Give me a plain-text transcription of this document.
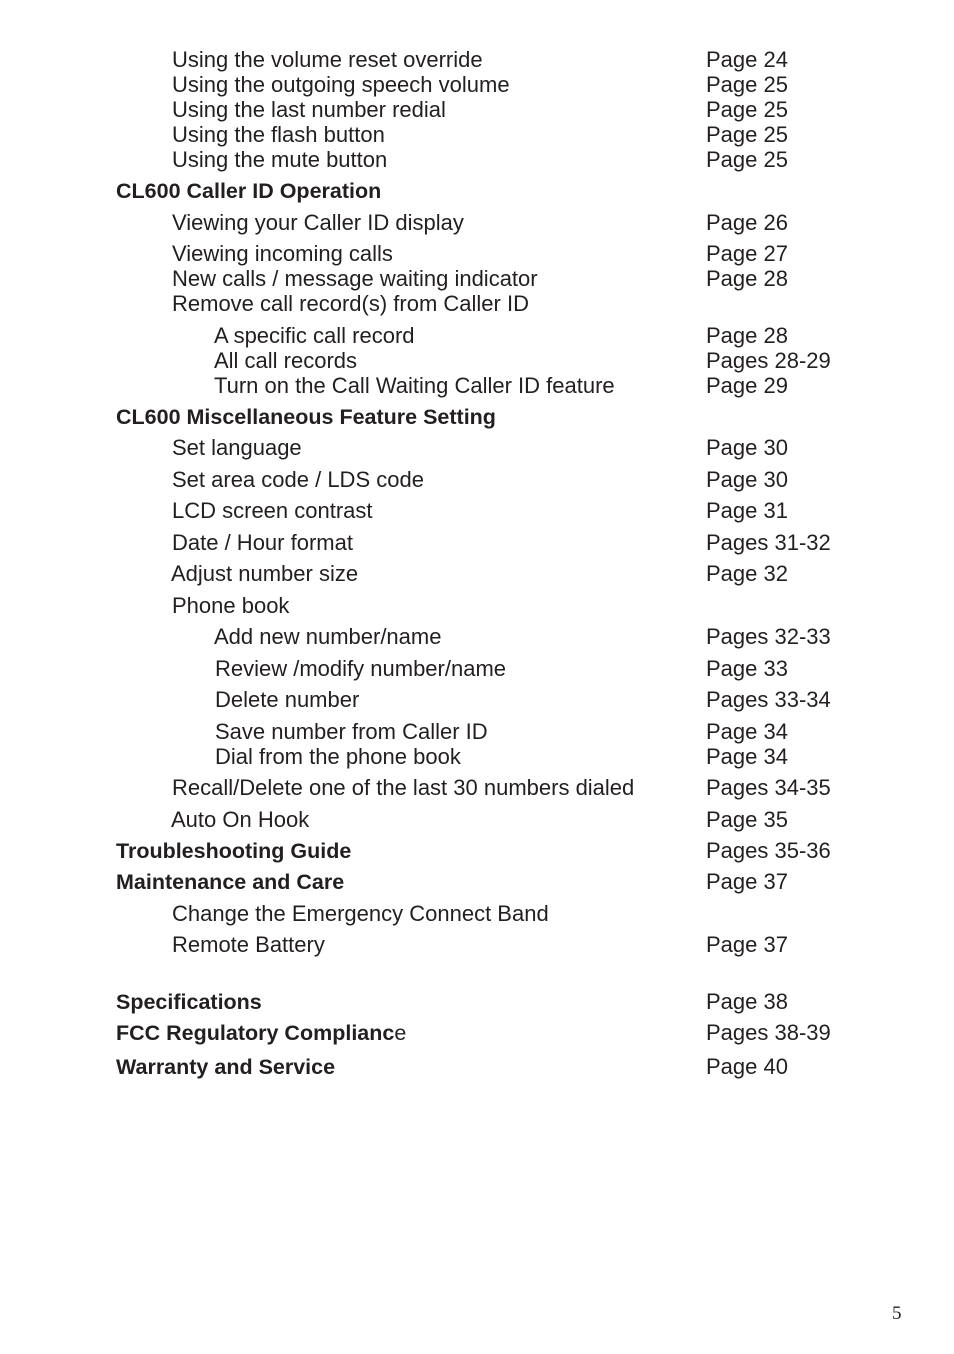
Using the volume reset override	Page 24
Using the outgoing speech volume	Page 25
Using the last number redial	Page 25
Using the flash button	Page 25
Using the mute button	Page 25
CL600 Caller ID Operation
Viewing your Caller ID display	Page 26
Viewing incoming calls	Page 27
New calls / message waiting indicator	Page 28
Remove call record(s) from Caller ID
A specific call record	Page 28
All call records	Pages 28-29
Turn on the Call Waiting Caller ID feature	Page 29
CL600 Miscellaneous Feature Setting
Set language	Page 30
Set area code / LDS code	Page 30
LCD screen contrast	Page 31
Date / Hour format	Pages 31-32
Adjust number size	Page 32
Phone book
Add new number/name	Pages 32-33
Review /modify number/name	Page 33
Delete number	Pages 33-34
Save number from Caller ID	Page 34
Dial from the phone book	Page 34
Recall/Delete one of the last 30 numbers dialed	Pages 34-35
Auto On Hook	Page 35
Troubleshooting Guide	Pages 35-36
Maintenance and Care	Page 37
Change the Emergency Connect Band
Remote Battery	Page 37
Specifications	Page 38
FCC Regulatory Compliance	Pages 38-39
Warranty and Service	Page 40
5
